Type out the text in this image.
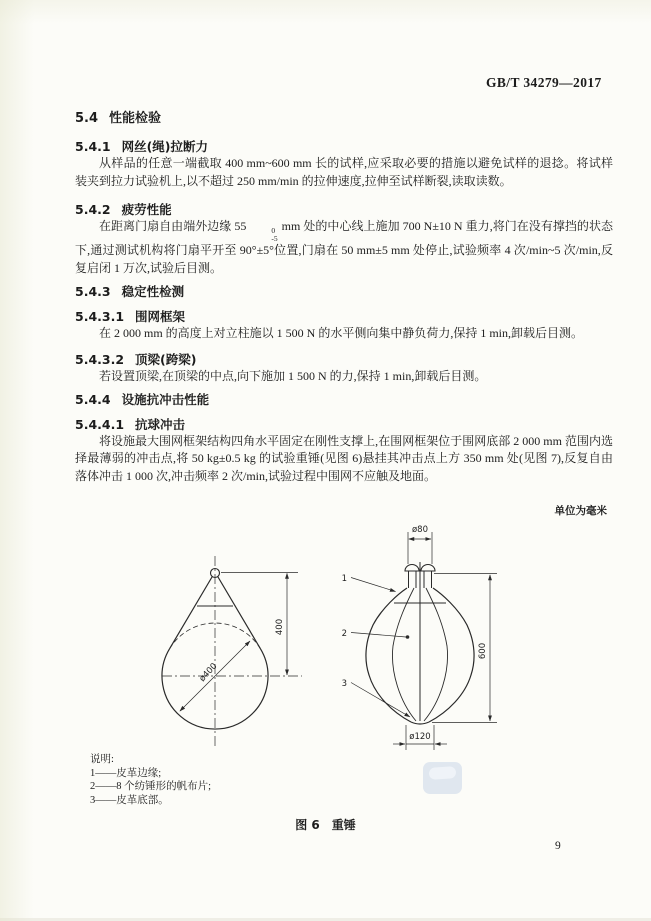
GB/T 34279—2017
5.4 性能检验
5.4.1 网丝(绳)拉断力

从样品的任意一端截取 400 mm~600 mm 长的试样,应采取必要的措施以避免试样的退捻。将试样装夹到拉力试验机上,以不超过 250 mm/min 的拉伸速度,拉伸至试样断裂,读取读数。

5.4.2 疲劳性能

在距离门扇自由端外边缘 55	0
-5
mm 处的中心线上施加 700 N±10 N 重力,将门在没有撑挡的状态下,通过测试机构将门扇平开至 90°±5°位置,门扇在 50 mm±5 mm 处停止,试验频率 4 次/min~5 次/min,反复启闭 1 万次,试验后目测。

5.4.3 稳定性检测
5.4.3.1 围网框架

在 2 000 mm 的高度上对立柱施以 1 500 N 的水平侧向集中静负荷力,保持 1 min,卸载后目测。

5.4.3.2 顶梁(跨梁)

若设置顶梁,在顶梁的中点,向下施加 1 500 N 的力,保持 1 min,卸载后目测。

5.4.4 设施抗冲击性能
5.4.4.1 抗球冲击

将设施最大围网框架结构四角水平固定在刚性支撑上,在围网框架位于围网底部 2 000 mm 范围内选择最薄弱的冲击点,将 50 kg±0.5 kg 的试验重锤(见图 6)悬挂其冲击点上方 350 mm 处(见图 7),反复自由落体冲击 1 000 次,冲击频率 2 次/min,试验过程中围网不应触及地面。

单位为毫米
400
ø400
ø80
600
ø120
1
2
3
说明:
1——皮革边缘;
2——8 个纺锤形的帆布片;
3——皮革底部。
图 6 重锤
9
